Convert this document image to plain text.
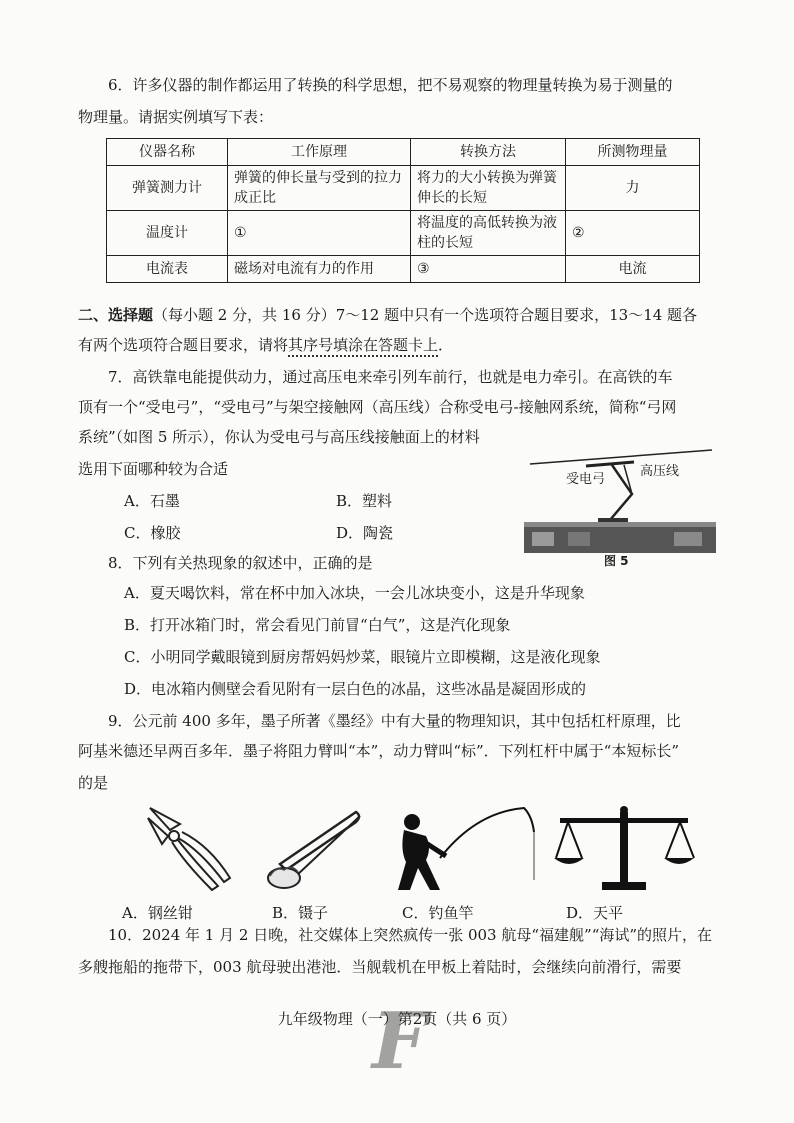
6．许多仪器的制作都运用了转换的科学思想，把不易观察的物理量转换为易于测量的
物理量。请据实例填写下表：
仪器名称	工作原理	转换方法	所测物理量
弹簧测力计	弹簧的伸长量与受到的拉力成正比	将力的大小转换为弹簧伸长的长短	力
温度计	①	将温度的高低转换为液柱的长短	②
电流表	磁场对电流有力的作用	③	电流
二、选择题（每小题 2 分，共 16 分）7～12 题中只有一个选项符合题目要求，13～14 题各
有两个选项符合题目要求，请将其序号填涂在答题卡上．
7．高铁靠电能提供动力，通过高压电来牵引列车前行，也就是电力牵引。在高铁的车
顶有一个“受电弓”，“受电弓”与架空接触网（高压线）合称受电弓-接触网系统，简称“弓网
系统”（如图 5 所示），你认为受电弓与高压线接触面上的材料
选用下面哪种较为合适
A．石墨	B．塑料
C．橡胶	D．陶瓷
受电弓
高压线
图 5
8．下列有关热现象的叙述中，正确的是
A．夏天喝饮料，常在杯中加入冰块，一会儿冰块变小，这是升华现象
B．打开冰箱门时，常会看见门前冒“白气”，这是汽化现象
C．小明同学戴眼镜到厨房帮妈妈炒菜，眼镜片立即模糊，这是液化现象
D．电冰箱内侧壁会看见附有一层白色的冰晶，这些冰晶是凝固形成的
9．公元前 400 多年，墨子所著《墨经》中有大量的物理知识，其中包括杠杆原理，比
阿基米德还早两百多年．墨子将阻力臂叫“本”，动力臂叫“标”．下列杠杆中属于“本短标长”
的是
A．钢丝钳	B．镊子	C．钓鱼竿	D．天平
10．2024 年 1 月 2 日晚，社交媒体上突然疯传一张 003 航母“福建舰”“海试”的照片，在
多艘拖船的拖带下，003 航母驶出港池．当舰载机在甲板上着陆时，会继续向前滑行，需要
F
九年级物理（一）第2页（共 6 页）
